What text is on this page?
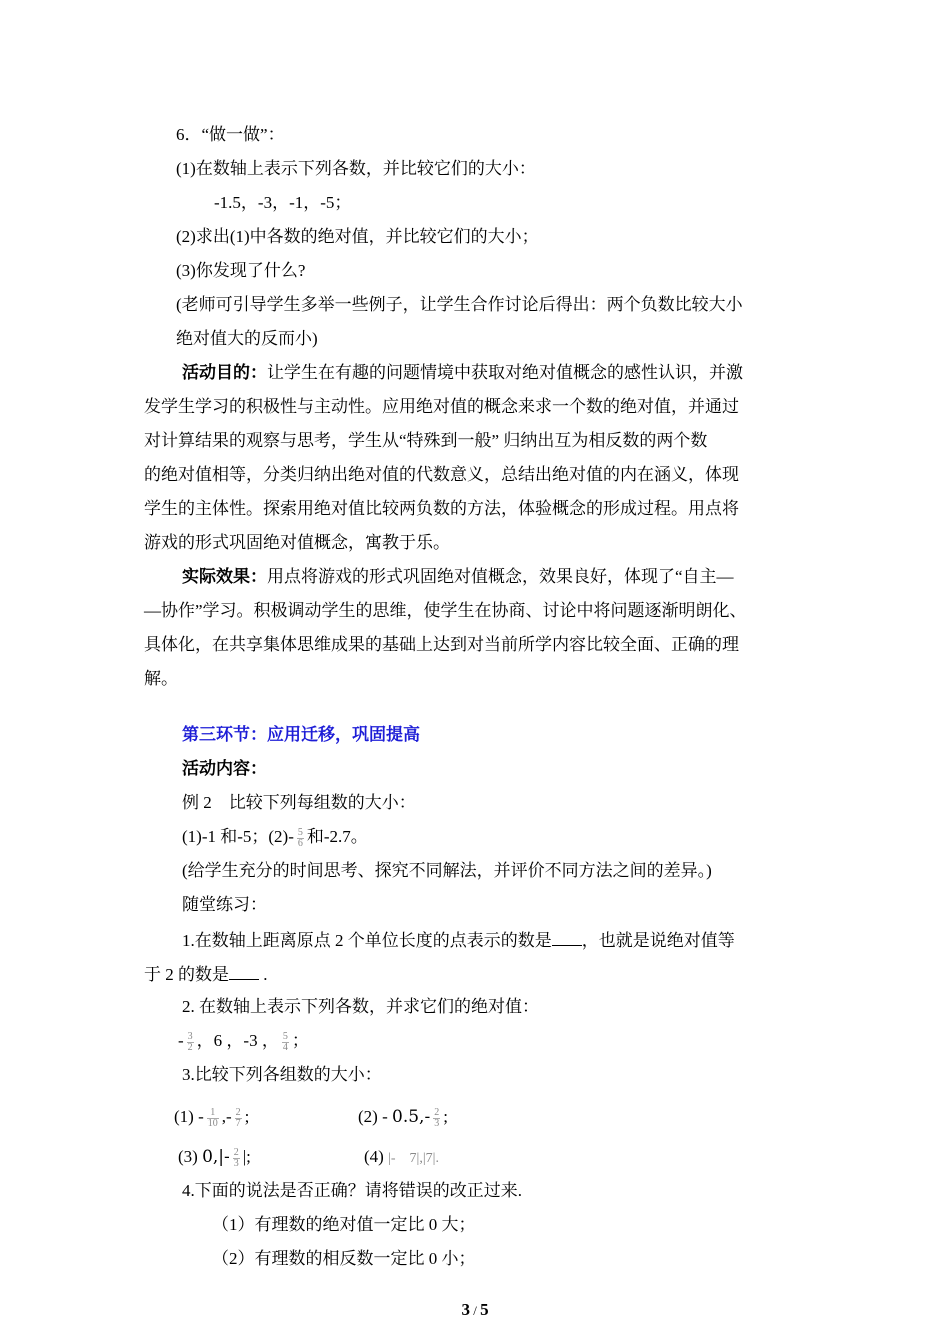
6．“做一做”：
(1)在数轴上表示下列各数，并比较它们的大小：
-1.5，-3，-1，-5；
(2)求出(1)中各数的绝对值，并比较它们的大小；
(3)你发现了什么?
(老师可引导学生多举一些例子，让学生合作讨论后得出：两个负数比较大小
绝对值大的反而小)
活动目的：让学生在有趣的问题情境中获取对绝对值概念的感性认识，并激
发学生学习的积极性与主动性。应用绝对值的概念来求一个数的绝对值，并通过
对计算结果的观察与思考，学生从“特殊到一般” 归纳出互为相反数的两个数
的绝对值相等，分类归纳出绝对值的代数意义，总结出绝对值的内在涵义，体现
学生的主体性。探索用绝对值比较两负数的方法，体验概念的形成过程。用点将
游戏的形式巩固绝对值概念，寓教于乐。
实际效果：用点将游戏的形式巩固绝对值概念，效果良好，体现了“自主—
—协作”学习。积极调动学生的思维，使学生在协商、讨论中将问题逐渐明朗化、
具体化，在共享集体思维成果的基础上达到对当前所学内容比较全面、正确的理
解。
第三环节：应用迁移，巩固提高
活动内容：
例 2　比较下列每组数的大小：
(1)-1 和-5；$(2)- \frac{5}{6}$ 和-2.7。
(给学生充分的时间思考、探究不同解法，并评价不同方法之间的差异。)
随堂练习：
1.在数轴上距离原点 2 个单位长度的点表示的数是 ，也就是说绝对值等
于 2 的数是 .
2. 在数轴上表示下列各数，并求它们的绝对值：
- $\frac{3}{2}$ ，6 ，-3 ， $\frac{5}{4}$ ；
3.比较下列各组数的大小：
$(1) - \frac{1}{10}$ ,- $\frac{2}{7}$ ;	$(2) - 0.5,- \frac{2}{3}$ ;
(3) $0,|- \frac{2}{3}$ |;	(4) |-　7|,|7|.
4.下面的说法是否正确？请将错误的改正过来.
（1）有理数的绝对值一定比 0 大；
（2）有理数的相反数一定比 0 小；
3 / 5
